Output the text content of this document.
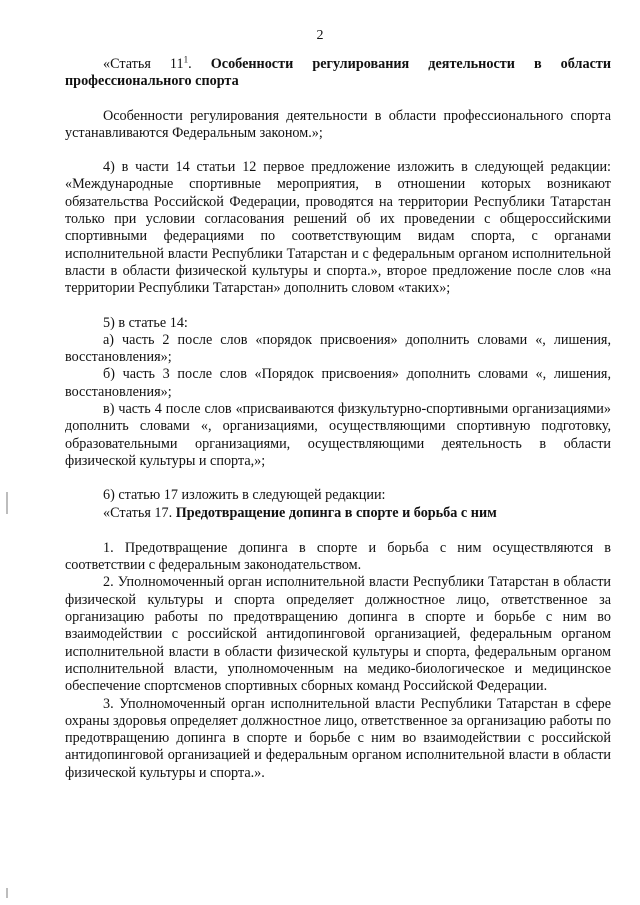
2

«Статья $11^1$. Особенности регулирования деятельности в области профессионального спорта

Особенности регулирования деятельности в области профессионального спорта устанавливаются Федеральным законом.»;

4) в части 14 статьи 12 первое предложение изложить в следующей редакции: «Международные спортивные мероприятия, в отношении которых возникают обязательства Российской Федерации, проводятся на территории Республики Татарстан только при условии согласования решений об их проведении с общероссийскими спортивными федерациями по соответствующим видам спорта, с органами исполнительной власти Республики Татарстан и с федеральным органом исполнительной власти в области физической культуры и спорта.», второе предложение после слов «на территории Республики Татарстан» дополнить словом «таких»;

5) в статье 14:

а) часть 2 после слов «порядок присвоения» дополнить словами «, лишения, восстановления»;

б) часть 3 после слов «Порядок присвоения» дополнить словами «, лишения, восстановления»;

в) часть 4 после слов «присваиваются физкультурно-спортивными организациями» дополнить словами «, организациями, осуществляющими спортивную подготовку, образовательными организациями, осуществляющими деятельность в области физической культуры и спорта,»;

6) статью 17 изложить в следующей редакции:

«Статья 17. Предотвращение допинга в спорте и борьба с ним

1. Предотвращение допинга в спорте и борьба с ним осуществляются в соответствии с федеральным законодательством.

2. Уполномоченный орган исполнительной власти Республики Татарстан в области физической культуры и спорта определяет должностное лицо, ответственное за организацию работы по предотвращению допинга в спорте и борьбе с ним во взаимодействии с российской антидопинговой организацией, федеральным органом исполнительной власти в области физической культуры и спорта, федеральным органом исполнительной власти, уполномоченным на медико-биологическое и медицинское обеспечение спортсменов спортивных сборных команд Российской Федерации.

3. Уполномоченный орган исполнительной власти Республики Татарстан в сфере охраны здоровья определяет должностное лицо, ответственное за организацию работы по предотвращению допинга в спорте и борьбе с ним во взаимодействии с российской антидопинговой организацией и федеральным органом исполнительной власти в области физической культуры и спорта.».
